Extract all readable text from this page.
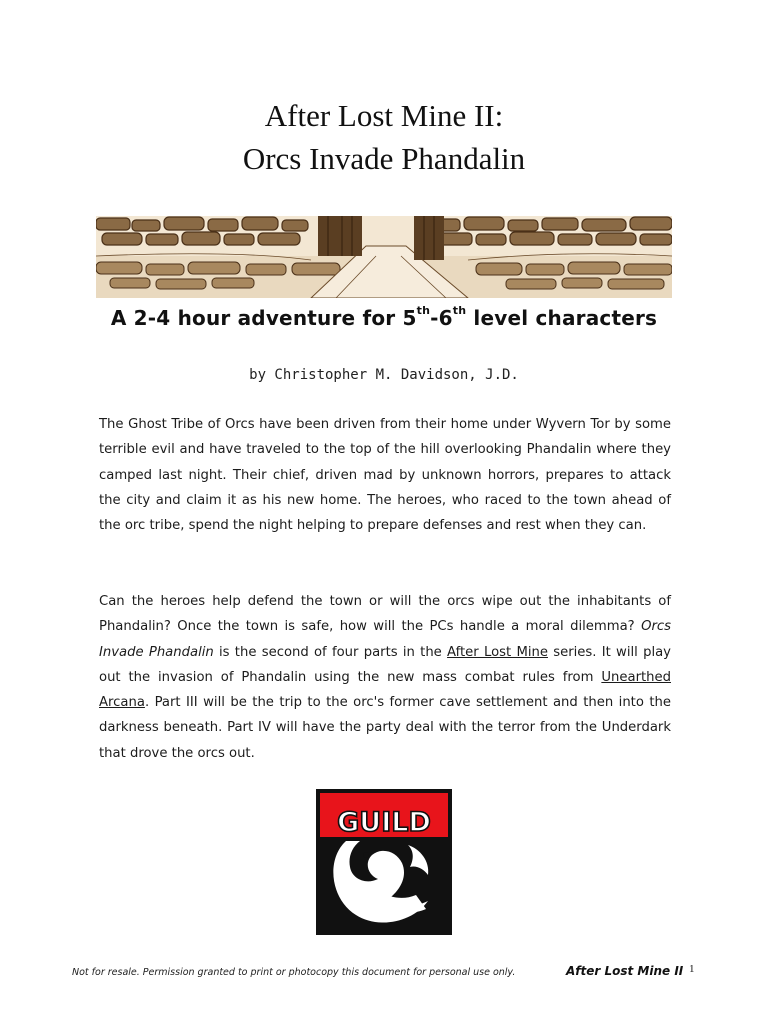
After Lost Mine II:
Orcs Invade Phandalin
A 2-4 hour adventure for 5th-6th level characters
by Christopher M. Davidson, J.D.

The Ghost Tribe of Orcs have been driven from their home under Wyvern Tor by some terrible evil and have traveled to the top of the hill overlooking Phandalin where they camped last night. Their chief, driven mad by unknown horrors, prepares to attack the city and claim it as his new home. The heroes, who raced to the town ahead of the orc tribe, spend the night helping to prepare defenses and rest when they can.

Can the heroes help defend the town or will the orcs wipe out the inhabitants of Phandalin? Once the town is safe, how will the PCs handle a moral dilemma? Orcs Invade Phandalin is the second of four parts in the After Lost Mine series. It will play out the invasion of Phandalin using the new mass combat rules from Unearthed Arcana. Part III will be the trip to the orc's former cave settlement and then into the darkness beneath. Part IV will have the party deal with the terror from the Underdark that drove the orcs out.

GUILD
Not for resale. Permission granted to print or photocopy this document for personal use only.	After Lost Mine II 1
